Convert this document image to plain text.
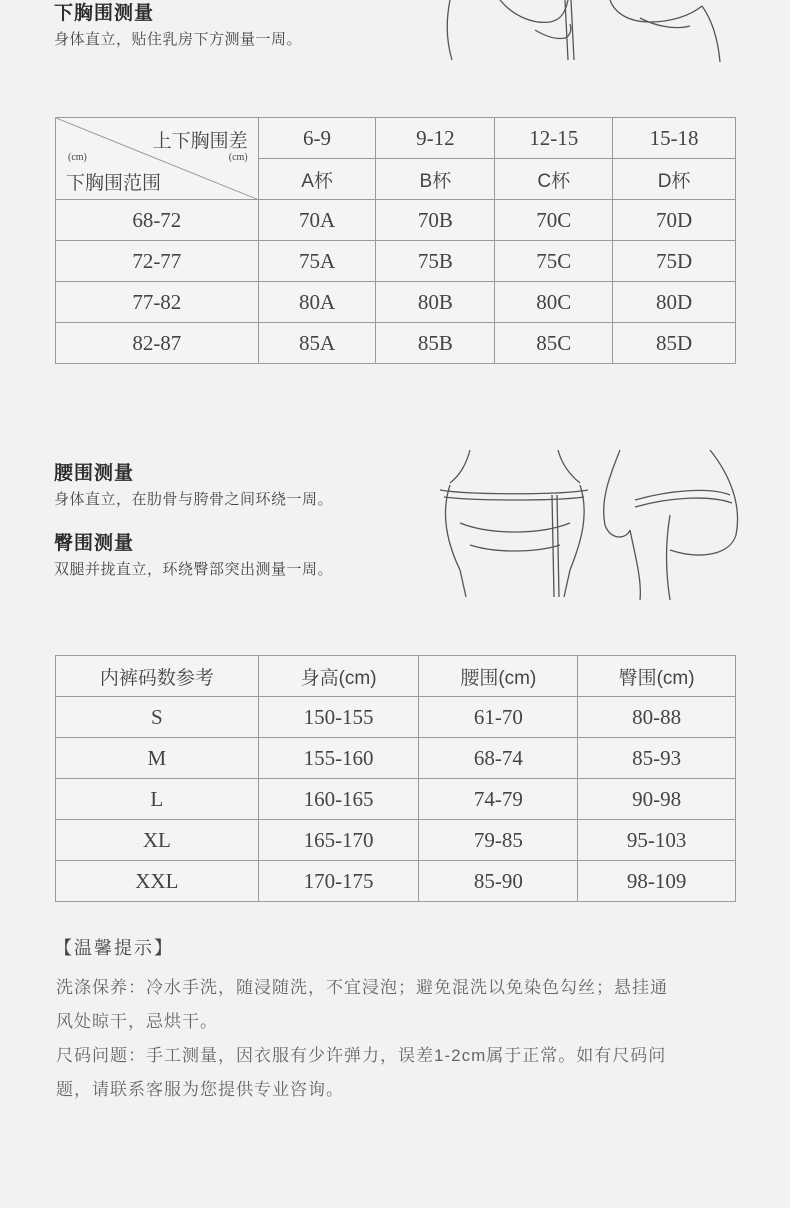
下胸围测量
身体直立，贴住乳房下方测量一周。
上下胸围差
(cm)
(cm)
下胸围范围	6-9	9-12	12-15	15-18
	A杯	B杯	C杯	D杯
68-72	70A	70B	70C	70D
72-77	75A	75B	75C	75D
77-82	80A	80B	80C	80D
82-87	85A	85B	85C	85D
腰围测量
身体直立，在肋骨与胯骨之间环绕一周。
臀围测量
双腿并拢直立，环绕臀部突出测量一周。
内裤码数参考	身高(cm)	腰围(cm)	臀围(cm)
S	150-155	61-70	80-88
M	155-160	68-74	85-93
L	160-165	74-79	90-98
XL	165-170	79-85	95-103
XXL	170-175	85-90	98-109
【温馨提示】
洗涤保养：冷水手洗，随浸随洗，不宜浸泡；避免混洗以免染色勾丝；悬挂通
风处晾干，忌烘干。
尺码问题：手工测量，因衣服有少许弹力，误差1-2cm属于正常。如有尺码问
题，请联系客服为您提供专业咨询。
